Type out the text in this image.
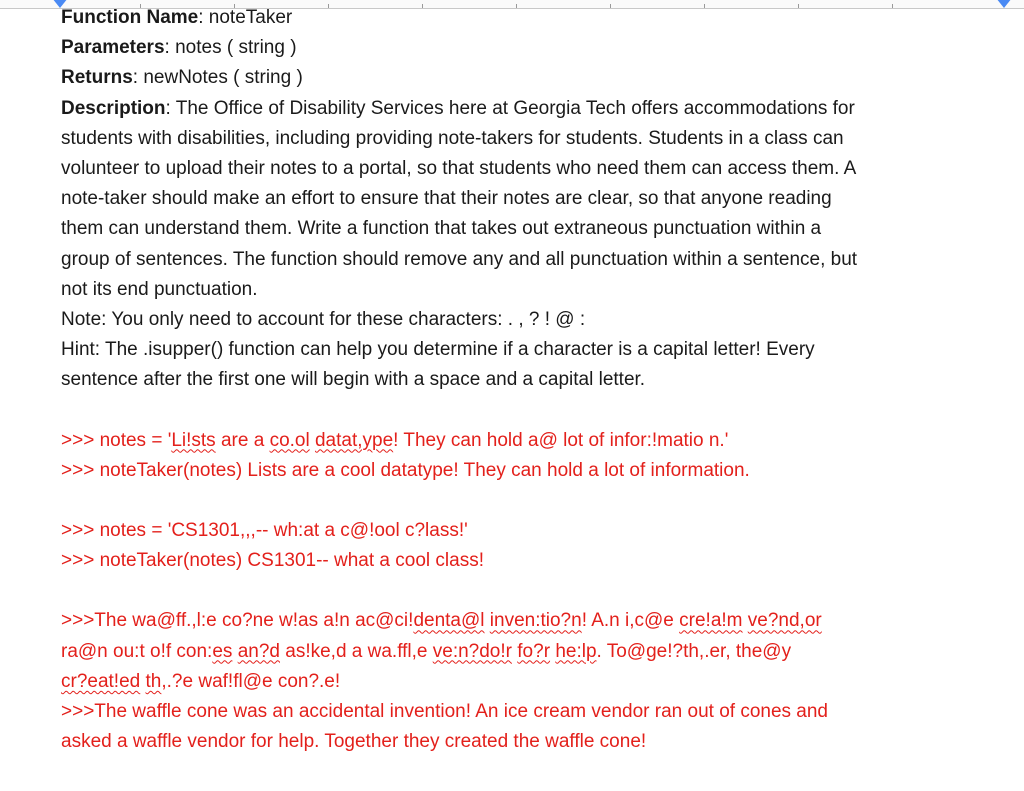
Function Name: noteTaker
Parameters: notes ( string )
Returns: newNotes ( string )
Description: The Office of Disability Services here at Georgia Tech offers accommodations for
students with disabilities, including providing note-takers for students. Students in a class can
volunteer to upload their notes to a portal, so that students who need them can access them. A
note-taker should make an effort to ensure that their notes are clear, so that anyone reading
them can understand them. Write a function that takes out extraneous punctuation within a
group of sentences. The function should remove any and all punctuation within a sentence, but
not its end punctuation.
Note: You only need to account for these characters: . , ? ! @ :
Hint: The .isupper() function can help you determine if a character is a capital letter! Every
sentence after the first one will begin with a space and a capital letter.
>>> notes = 'Li!sts are a co.ol datat,ype! They can hold a@ lot of infor:!matio n.'
>>> noteTaker(notes) Lists are a cool datatype! They can hold a lot of information.
>>> notes = 'CS1301,,,-- wh:at a c@!ool c?lass!'
>>> noteTaker(notes) CS1301-- what a cool class!
>>>The wa@ff.,l:e co?ne w!as a!n ac@ci!denta@l inven:tio?n! A.n i,c@e cre!a!m ve?nd,or
ra@n ou:t o!f con:es an?d as!ke,d a wa.ffl,e ve:n?do!r fo?r he:lp. To@ge!?th,.er, the@y
cr?eat!ed th,.?e waf!fl@e con?.e!
>>>The waffle cone was an accidental invention! An ice cream vendor ran out of cones and
asked a waffle vendor for help. Together they created the waffle cone!
